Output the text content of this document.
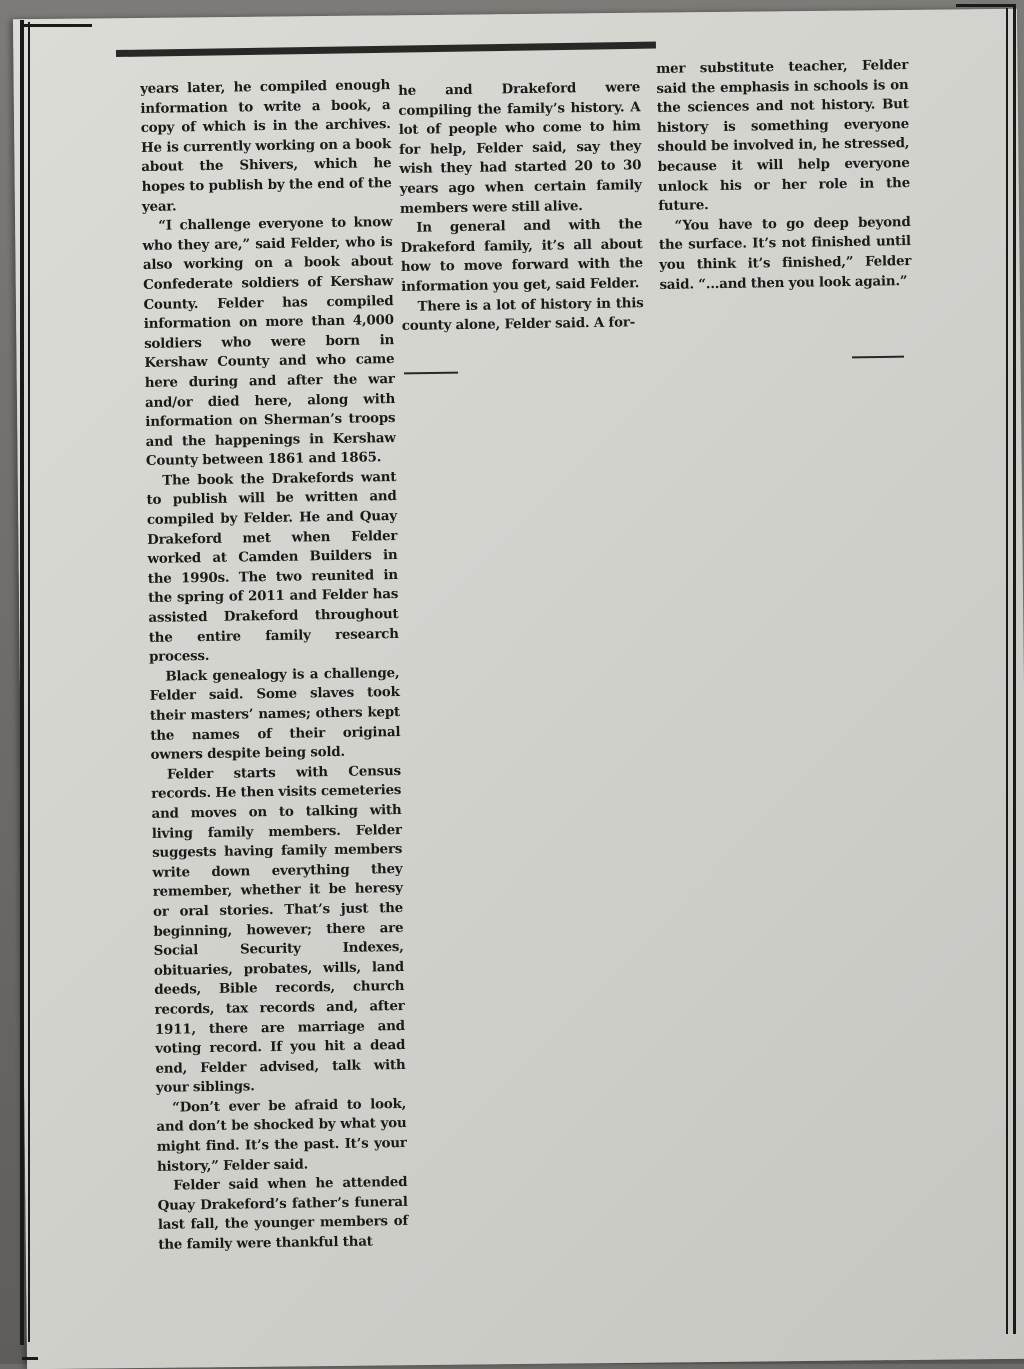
years later, he compiled enough information to write a book, a copy of which is in the archives. He is currently working on a book about the Shivers, which he hopes to publish by the end of the year.

“I challenge everyone to know who they are,” said Felder, who is also working on a book about Confederate soldiers of Kershaw County. Felder has compiled information on more than 4,000 soldiers who were born in Kershaw County and who came here during and after the war and/or died here, along with information on Sherman’s troops and the happenings in Kershaw County between 1861 and 1865.

The book the Drakefords want to publish will be written and compiled by Felder. He and Quay Drakeford met when Felder worked at Camden Builders in the 1990s. The two reunited in the spring of 2011 and Felder has assisted Drakeford throughout the entire family research process.

Black genealogy is a challenge, Felder said. Some slaves took their masters’ names; others kept the names of their original owners despite being sold.

Felder starts with Census records. He then visits cemeteries and moves on to talking with living family members. Felder suggests having family members write down everything they remember, whether it be heresy or oral stories. That’s just the beginning, however; there are Social Security Indexes, obituaries, probates, wills, land deeds, Bible records, church records, tax records and, after 1911, there are marriage and voting record. If you hit a dead end, Felder advised, talk with your siblings.

“Don’t ever be afraid to look, and don’t be shocked by what you might find. It’s the past. It’s your history,” Felder said.

Felder said when he attended Quay Drakeford’s father’s funeral last fall, the younger members of the family were thankful that

he and Drakeford were compiling the family’s history. A lot of people who come to him for help, Felder said, say they wish they had started 20 to 30 years ago when certain family members were still alive.

In general and with the Drakeford family, it’s all about how to move forward with the information you get, said Felder.

There is a lot of history in this county alone, Felder said. A for-

mer substitute teacher, Felder said the emphasis in schools is on the sciences and not history. But history is something everyone should be involved in, he stressed, because it will help everyone unlock his or her role in the future.

“You have to go deep beyond the surface. It’s not finished until you think it’s finished,” Felder said. “...and then you look again.”
